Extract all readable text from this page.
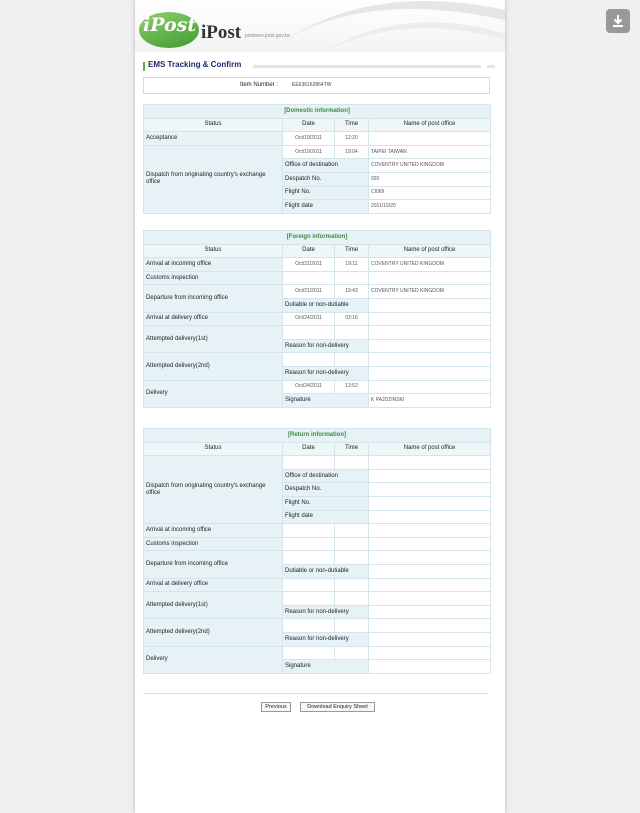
iPost iPost postserv.post.gov.tw
EMS Tracking & Confirm
Item Number :	EE636162864TW
[Domestic information]			
Status	Date	Time	Name of post office
Acceptance	Oct/19/2011	12:20	
Dispatch from originating country's exchange office	Oct/19/2011	19:04	TAIPEI TAIWAN
	Office of destination		COVENTRY UNITED KINGDOM
	Despatch No.		920
	Flight No.		CI069
	Flight date		2011/10/20
[Foreign information]			
Status	Date	Time	Name of post office
Arrival at incoming office	Oct/21/2011	19:11	COVENTRY UNITED KINGDOM
Customs inspection			
Departure from incoming office	Oct/21/2011	19:43	COVENTRY UNITED KINGDOM
	Dutiable or non-dutiable		
Arrival at delivery office	Oct/24/2011	03:16	
Attempted delivery(1st)			
	Reason for non-delivery		
Attempted delivery(2nd)			
	Reason for non-delivery		
Delivery	Oct/24/2011	13:52	
	Signature		K PAJDZINSKI
[Return information]			
Status	Date	Time	Name of post office
Dispatch from originating country's exchange office			
	Office of destination		
	Despatch No.		
	Flight No.		
	Flight date		
Arrival at incoming office			
Customs inspection			
Departure from incoming office			
	Dutiable or non-dutiable		
Arrival at delivery office			
Attempted delivery(1st)			
	Reason for non-delivery		
Attempted delivery(2nd)			
	Reason for non-delivery		
Delivery			
	Signature		
Previous	Download Enquiry Sheet
